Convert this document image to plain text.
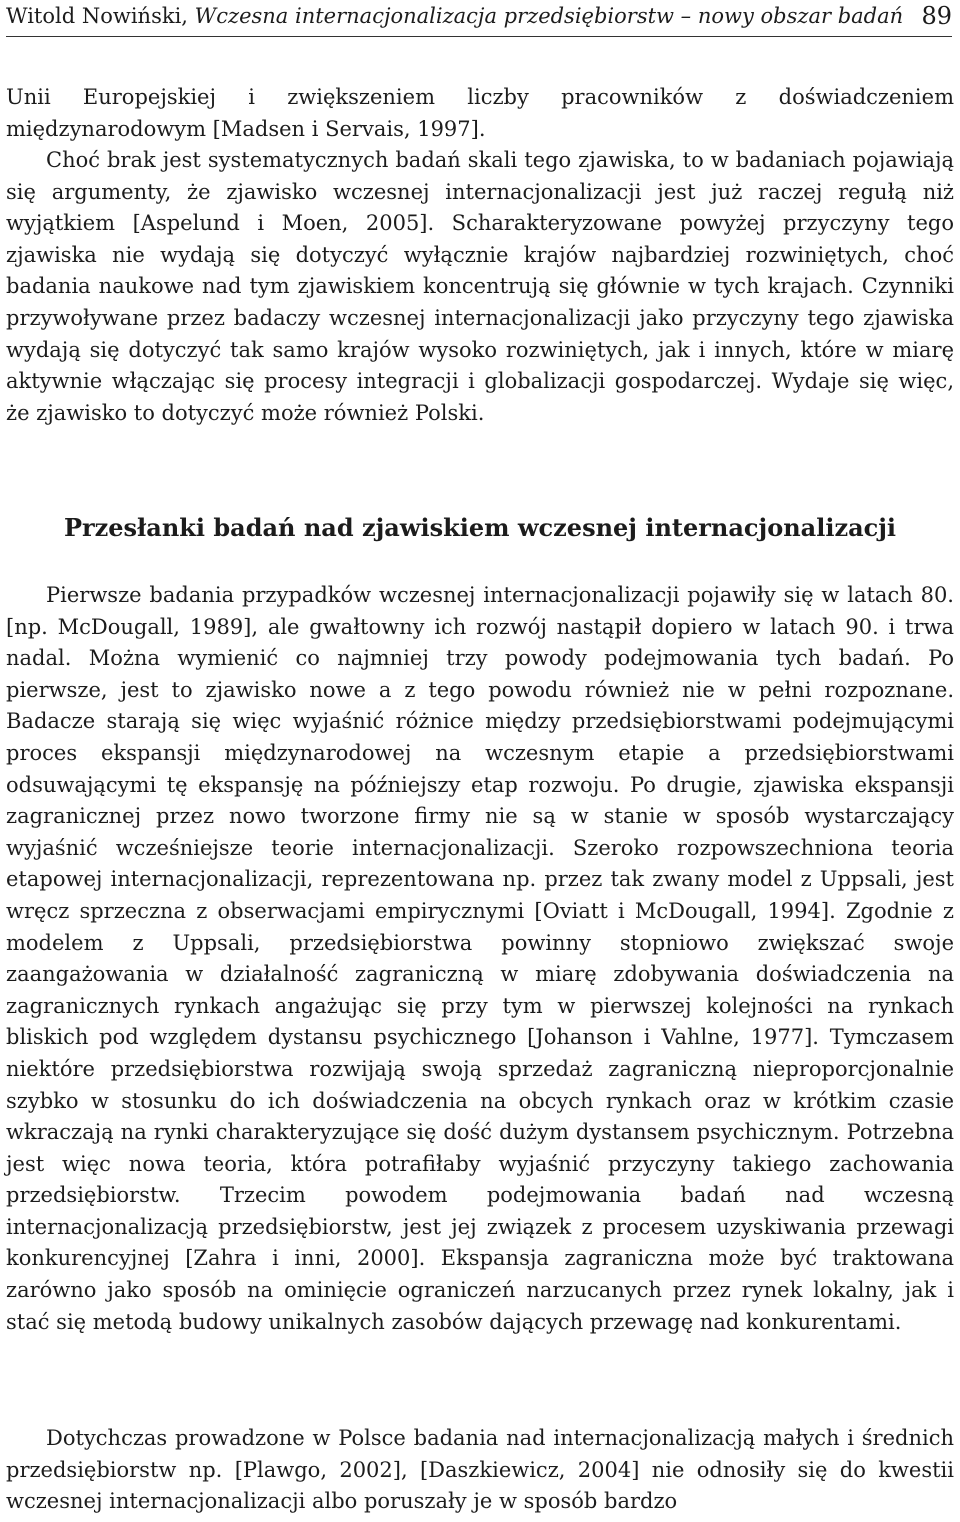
Witold Nowiński, Wczesna internacjonalizacja przedsiębiorstw – nowy obszar badań 89

Unii Europejskiej i zwiększeniem liczby pracowników z doświadczeniem międzynarodowym [Madsen i Servais, 1997].

Choć brak jest systematycznych badań skali tego zjawiska, to w badaniach pojawiają się argumenty, że zjawisko wczesnej internacjonalizacji jest już raczej regułą niż wyjątkiem [Aspelund i Moen, 2005]. Scharakteryzowane powyżej przyczyny tego zjawiska nie wydają się dotyczyć wyłącznie krajów najbardziej rozwiniętych, choć badania naukowe nad tym zjawiskiem koncentrują się głównie w tych krajach. Czynniki przywoływane przez badaczy wczesnej internacjonalizacji jako przyczyny tego zjawiska wydają się dotyczyć tak samo krajów wysoko rozwiniętych, jak i innych, które w miarę aktywnie włączając się procesy integracji i globalizacji gospodarczej. Wydaje się więc, że zjawisko to dotyczyć może również Polski.

Przesłanki badań nad zjawiskiem wczesnej internacjonalizacji

Pierwsze badania przypadków wczesnej internacjonalizacji pojawiły się w latach 80. [np. McDougall, 1989], ale gwałtowny ich rozwój nastąpił dopiero w latach 90. i trwa nadal. Można wymienić co najmniej trzy powody podejmowania tych badań. Po pierwsze, jest to zjawisko nowe a z tego powodu również nie w pełni rozpoznane. Badacze starają się więc wyjaśnić różnice między przedsiębiorstwami podejmującymi proces ekspansji międzynarodowej na wczesnym etapie a przedsiębiorstwami odsuwającymi tę ekspansję na późniejszy etap rozwoju. Po drugie, zjawiska ekspansji zagranicznej przez nowo tworzone firmy nie są w stanie w sposób wystarczający wyjaśnić wcześniejsze teorie internacjonalizacji. Szeroko rozpowszechniona teoria etapowej internacjonalizacji, reprezentowana np. przez tak zwany model z Uppsali, jest wręcz sprzeczna z obserwacjami empirycznymi [Oviatt i McDougall, 1994]. Zgodnie z modelem z Uppsali, przedsiębiorstwa powinny stopniowo zwiększać swoje zaangażowania w działalność zagraniczną w miarę zdobywania doświadczenia na zagranicznych rynkach angażując się przy tym w pierwszej kolejności na rynkach bliskich pod względem dystansu psychicznego [Johanson i Vahlne, 1977]. Tymczasem niektóre przedsiębiorstwa rozwijają swoją sprzedaż zagraniczną nieproporcjonalnie szybko w stosunku do ich doświadczenia na obcych rynkach oraz w krótkim czasie wkraczają na rynki charakteryzujące się dość dużym dystansem psychicznym. Potrzebna jest więc nowa teoria, która potrafiłaby wyjaśnić przyczyny takiego zachowania przedsiębiorstw. Trzecim powodem podejmowania badań nad wczesną internacjonalizacją przedsiębiorstw, jest jej związek z procesem uzyskiwania przewagi konkurencyjnej [Zahra i inni, 2000]. Ekspansja zagraniczna może być traktowana zarówno jako sposób na ominięcie ograniczeń narzucanych przez rynek lokalny, jak i stać się metodą budowy unikalnych zasobów dających przewagę nad konkurentami.

Dotychczas prowadzone w Polsce badania nad internacjonalizacją małych i średnich przedsiębiorstw np. [Plawgo, 2002], [Daszkiewicz, 2004] nie odnosiły się do kwestii wczesnej internacjonalizacji albo poruszały je w sposób bardzo
